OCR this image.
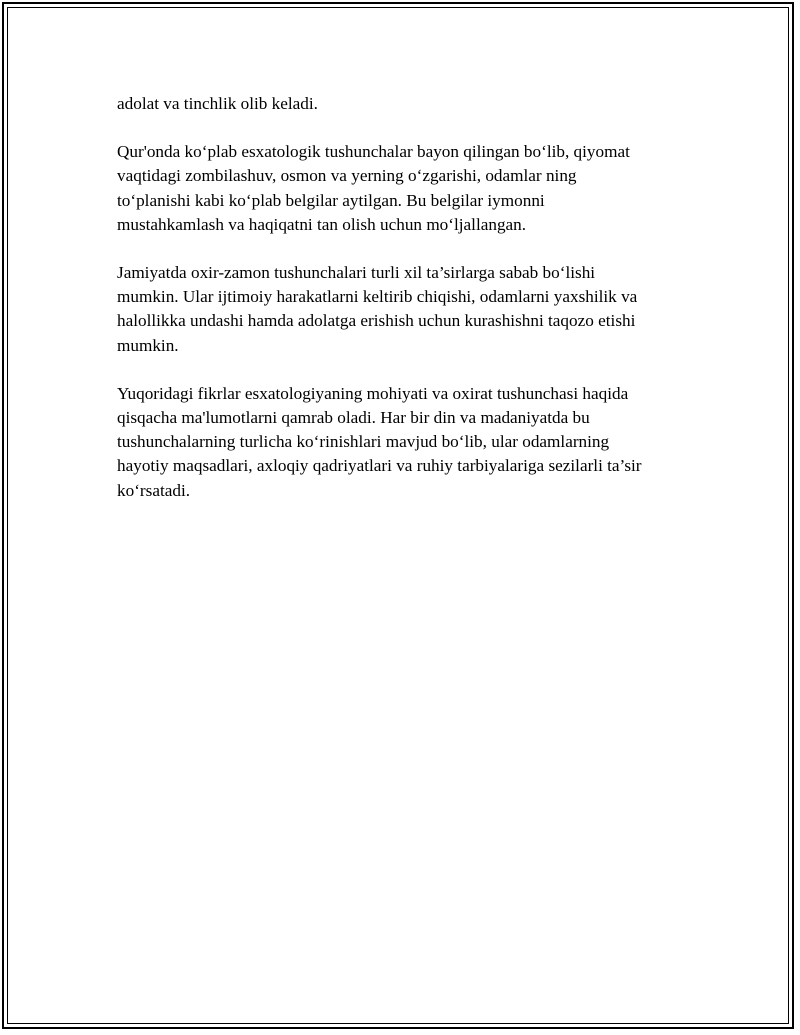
adolat va tinchlik olib keladi.

Qur'onda ko‘plab esxatologik tushunchalar bayon qilingan bo‘lib, qiyomat
vaqtidagi zombilashuv, osmon va yerning o‘zgarishi, odamlar ning
to‘planishi kabi ko‘plab belgilar aytilgan. Bu belgilar iymonni
mustahkamlash va haqiqatni tan olish uchun mo‘ljallangan.

Jamiyatda oxir-zamon tushunchalari turli xil ta’sirlarga sabab bo‘lishi
mumkin. Ular ijtimoiy harakatlarni keltirib chiqishi, odamlarni yaxshilik va
halollikka undashi hamda adolatga erishish uchun kurashishni taqozo etishi
mumkin.

Yuqoridagi fikrlar esxatologiyaning mohiyati va oxirat tushunchasi haqida
qisqacha ma'lumotlarni qamrab oladi. Har bir din va madaniyatda bu
tushunchalarning turlicha ko‘rinishlari mavjud bo‘lib, ular odamlarning
hayotiy maqsadlari, axloqiy qadriyatlari va ruhiy tarbiyalariga sezilarli ta’sir
ko‘rsatadi.
